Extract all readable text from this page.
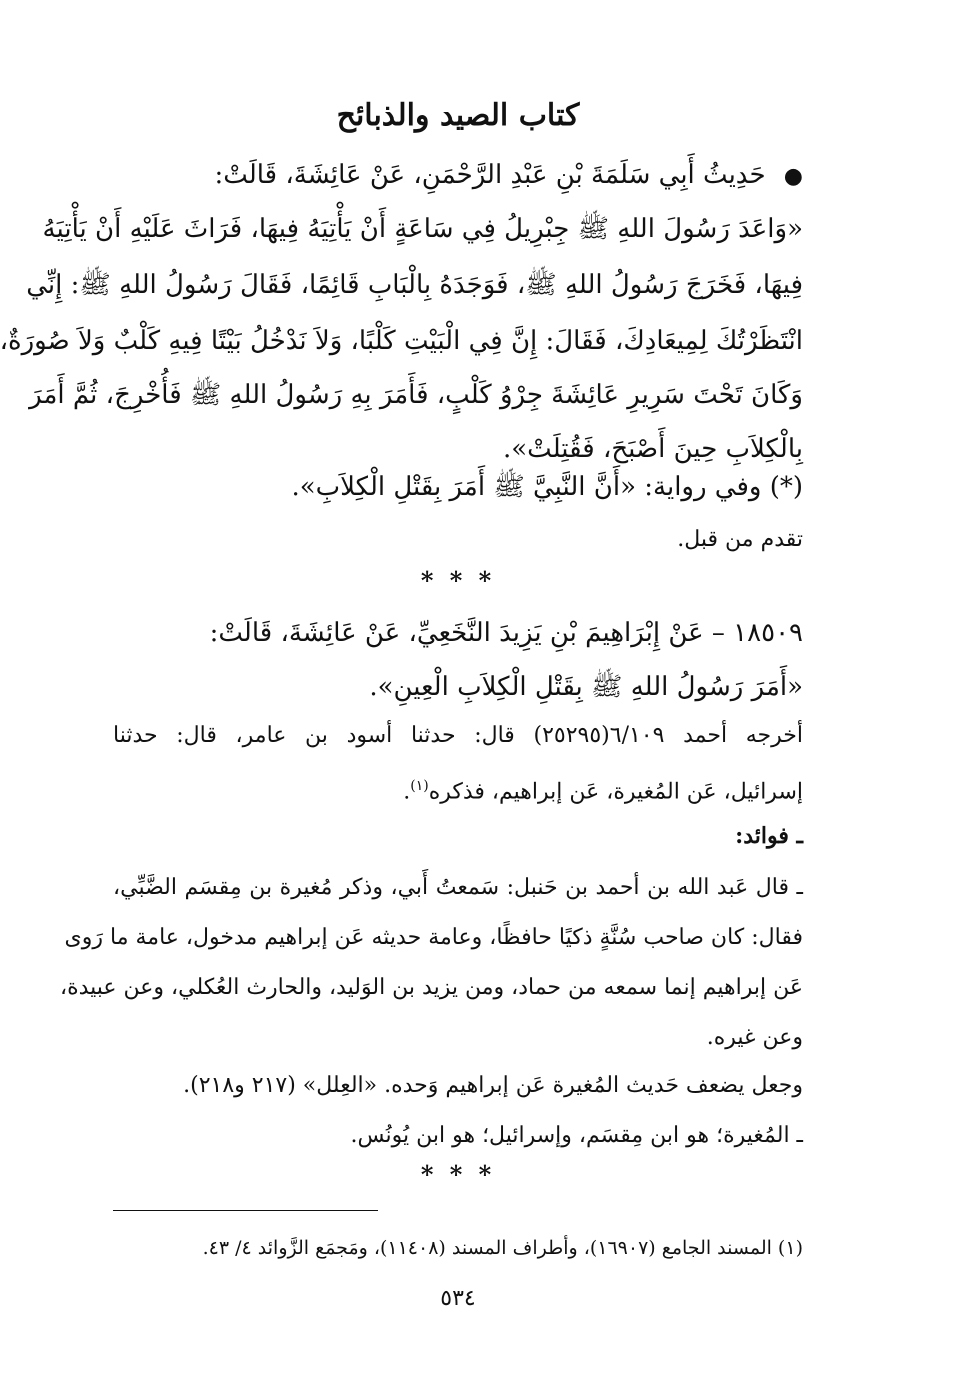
كتاب الصيد والذبائح
● حَدِيثُ أَبِي سَلَمَةَ بْنِ عَبْدِ الرَّحْمَنِ، عَنْ عَائِشَةَ، قَالَتْ:
«وَاعَدَ رَسُولَ اللهِ ﷺ جِبْرِيلُ فِي سَاعَةٍ أَنْ يَأْتِيَهُ فِيهَا، فَرَاثَ عَلَيْهِ أَنْ يَأْتِيَهُ
فِيهَا، فَخَرَجَ رَسُولُ اللهِ ﷺ، فَوَجَدَهُ بِالْبَابِ قَائِمًا، فَقَالَ رَسُولُ اللهِ ﷺ: إِنِّي
انْتَظَرْتُكَ لِمِيعَادِكَ، فَقَالَ: إِنَّ فِي الْبَيْتِ كَلْبًا، وَلاَ نَدْخُلُ بَيْتًا فِيهِ كَلْبٌ وَلاَ صُورَةٌ،
وَكَانَ تَحْتَ سَرِيرِ عَائِشَةَ جِرْوُ كَلْبٍ، فَأَمَرَ بِهِ رَسُولُ اللهِ ﷺ فَأُخْرِجَ، ثُمَّ أَمَرَ
بِالْكِلاَبِ حِينَ أَصْبَحَ، فَقُتِلَتْ».
(*) وفي رواية: «أَنَّ النَّبِيَّ ﷺ أَمَرَ بِقَتْلِ الْكِلاَبِ».
تقدم من قبل.
* * *
١٨٥٠٩ – عَنْ إِبْرَاهِيمَ بْنِ يَزِيدَ النَّخَعِيِّ، عَنْ عَائِشَةَ، قَالَتْ:
«أَمَرَ رَسُولُ اللهِ ﷺ بِقَتْلِ الْكِلاَبِ الْعِينِ».
أخرجه أحمد ٦/١٠٩(٢٥٢٩٥) قال: حدثنا أسود بن عامر، قال: حدثنا
إسرائيل، عَن المُغيرة، عَن إبراهيم، فذكره$^{(١)}$.
ـ فوائد:
ـ قال عَبد الله بن أحمد بن حَنبل: سَمعتُ أَبي، وذكر مُغيرة بن مِقسَم الضَّبِّي،
فقال: كان صاحب سُنَّةٍ ذكيًا حافظًا، وعامة حديثه عَن إبراهيم مدخول، عامة ما رَوى
عَن إبراهيم إنما سمعه من حماد، ومن يزيد بن الوَليد، والحارث العُكلي، وعن عبيدة،
وعن غيره.
وجعل يضعف حَديث المُغيرة عَن إبراهيم وَحده. «العِلل» (٢١٧ و٢١٨).
ـ المُغيرة؛ هو ابن مِقسَم، وإسرائيل؛ هو ابن يُونُس.
* * *
(١) المسند الجامع (١٦٩٠٧)، وأطراف المسند (١١٤٠٨)، ومَجمَع الزَّوائد ٤/ ٤٣.
٥٣٤
